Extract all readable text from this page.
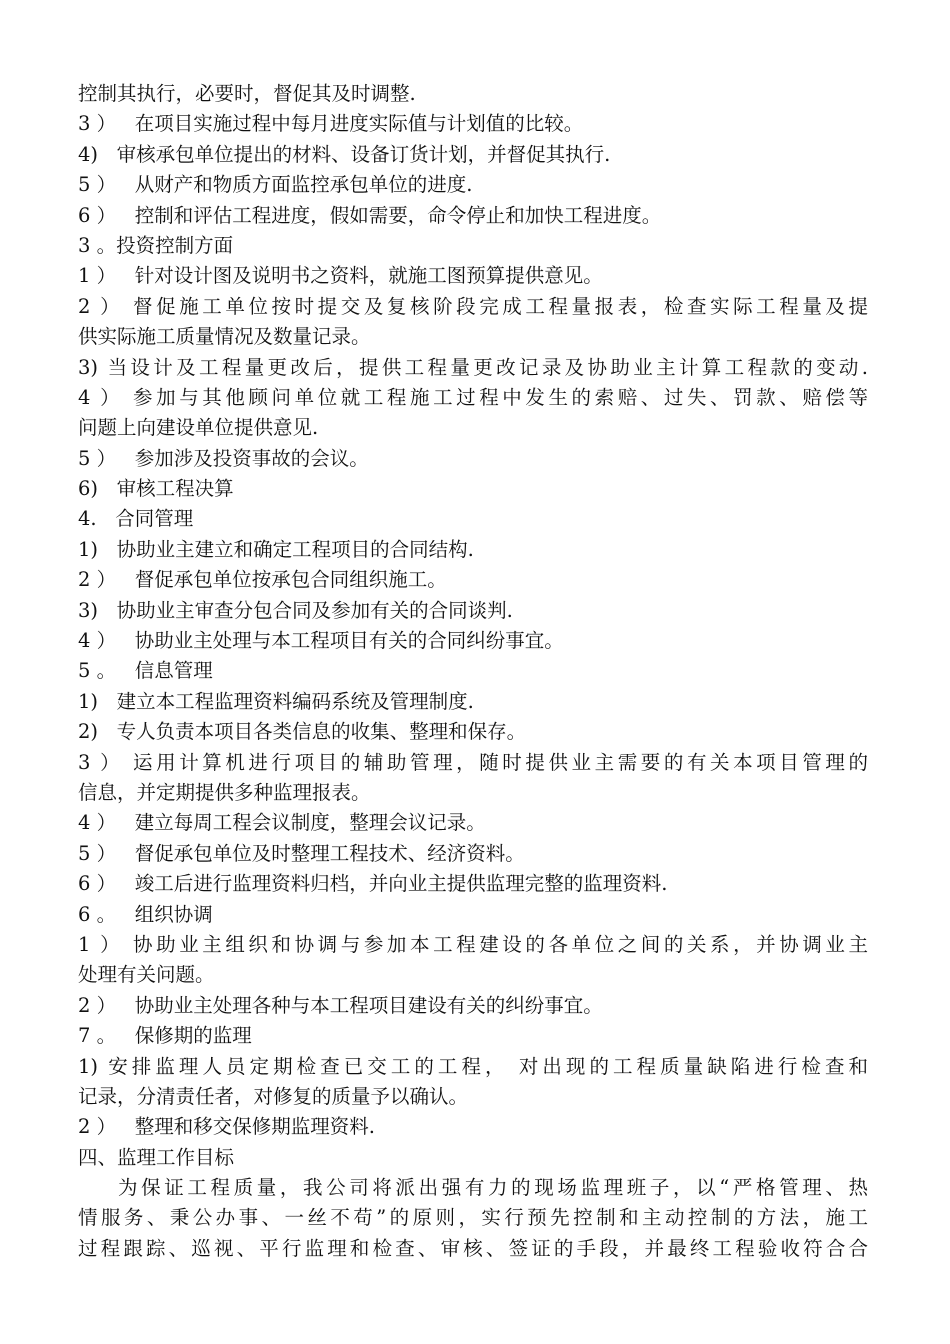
控制其执行，必要时，督促其及时调整.
3 ）   在项目实施过程中每月进度实际值与计划值的比较。
4)   审核承包单位提出的材料、设备订货计划，并督促其执行.
5 ）   从财产和物质方面监控承包单位的进度.
6 ）   控制和评估工程进度，假如需要，命令停止和加快工程进度。
3 。投资控制方面
1 ）   针对设计图及说明书之资料，就施工图预算提供意见。
2 ） 督促施工单位按时提交及复核阶段完成工程量报表，检查实际工程量及提
供实际施工质量情况及数量记录。
3) 当设计及工程量更改后，提供工程量更改记录及协助业主计算工程款的变动.
4 ） 参加与其他顾问单位就工程施工过程中发生的索赔、过失、罚款、赔偿等
问题上向建设单位提供意见.
5 ）   参加涉及投资事故的会议。
6)   审核工程决算
4.   合同管理
1)   协助业主建立和确定工程项目的合同结构.
2 ）   督促承包单位按承包合同组织施工。
3)   协助业主审查分包合同及参加有关的合同谈判.
4 ）   协助业主处理与本工程项目有关的合同纠纷事宜。
5 。   信息管理
1)   建立本工程监理资料编码系统及管理制度.
2)   专人负责本项目各类信息的收集、整理和保存。
3 ） 运用计算机进行项目的辅助管理，随时提供业主需要的有关本项目管理的
信息，并定期提供多种监理报表。
4 ）   建立每周工程会议制度，整理会议记录。
5 ）   督促承包单位及时整理工程技术、经济资料。
6 ）   竣工后进行监理资料归档，并向业主提供监理完整的监理资料.
6 。   组织协调
1 ） 协助业主组织和协调与参加本工程建设的各单位之间的关系，并协调业主
处理有关问题。
2 ）   协助业主处理各种与本工程项目建设有关的纠纷事宜。
7 。   保修期的监理
1) 安排监理人员定期检查已交工的工程， 对出现的工程质量缺陷进行检查和
记录，分清责任者，对修复的质量予以确认。
2 ）   整理和移交保修期监理资料.
四、监理工作目标
为保证工程质量，我公司将派出强有力的现场监理班子，以“严格管理、热
情服务、秉公办事、一丝不苟”的原则，实行预先控制和主动控制的方法，施工
过程跟踪、巡视、平行监理和检查、审核、签证的手段，并最终工程验收符合合
